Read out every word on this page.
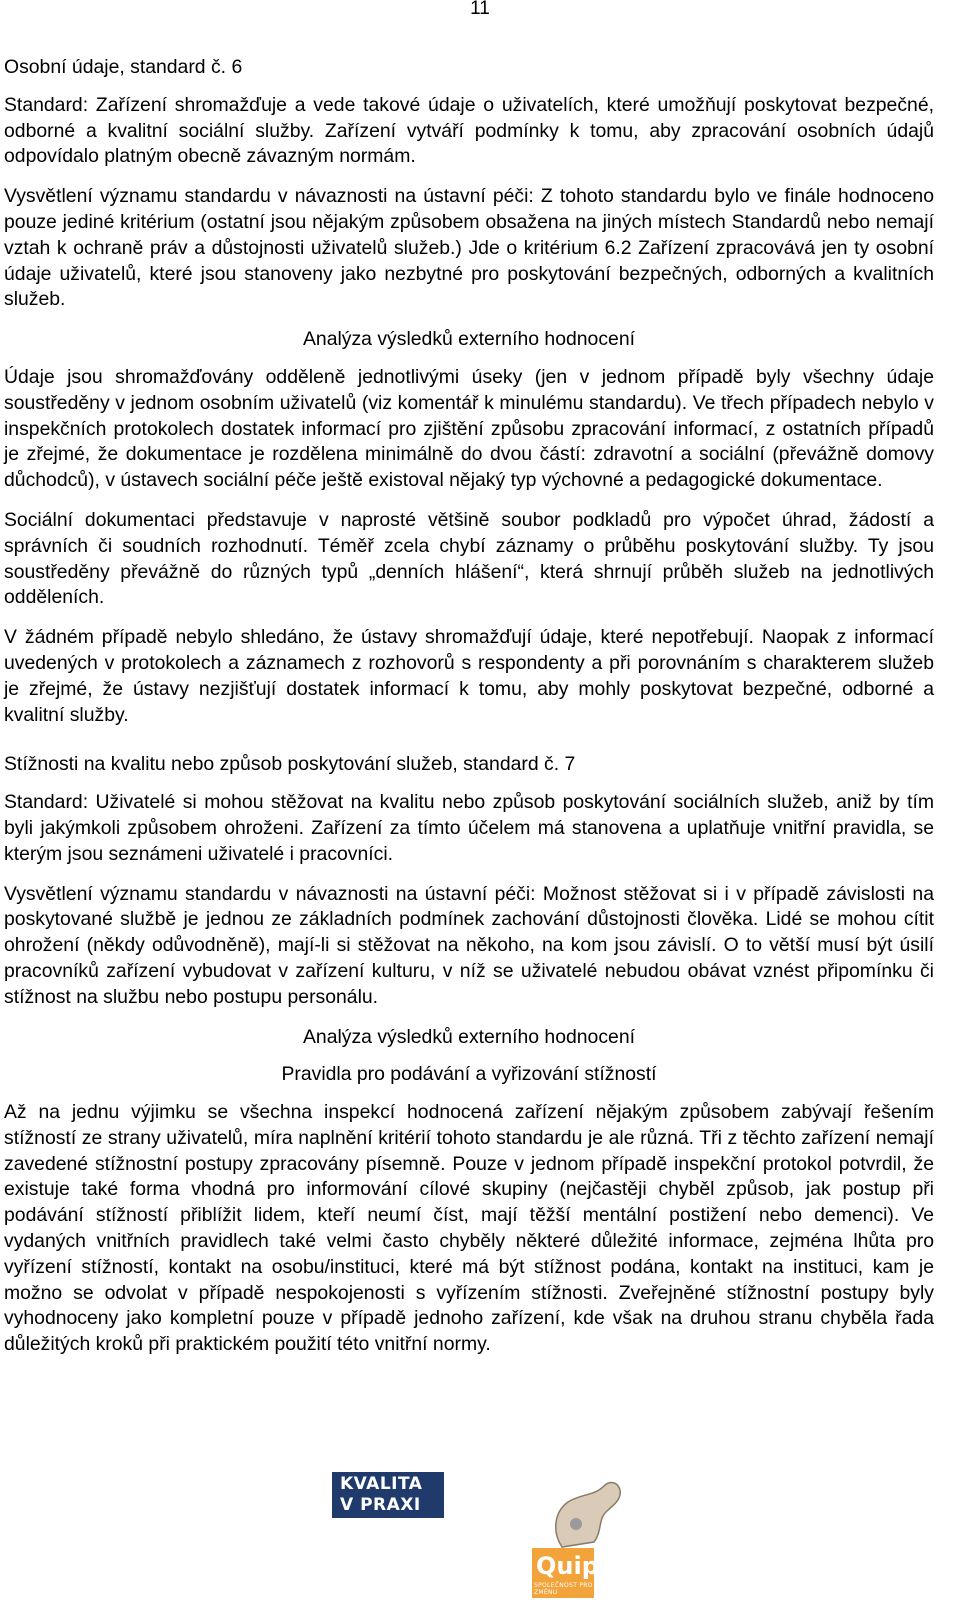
11

Osobní údaje, standard č. 6

Standard: Zařízení shromažďuje a vede takové údaje o uživatelích, které umožňují poskytovat bezpečné, odborné a kvalitní sociální služby. Zařízení vytváří podmínky k tomu, aby zpracování osobních údajů odpovídalo platným obecně závazným normám.

Vysvětlení významu standardu v návaznosti na ústavní péči: Z tohoto standardu bylo ve finále hodnoceno pouze jediné kritérium (ostatní jsou nějakým způsobem obsažena na jiných místech Standardů nebo nemají vztah k ochraně práv a důstojnosti uživatelů služeb.) Jde o kritérium 6.2 Zařízení zpracovává jen ty osobní údaje uživatelů, které jsou stanoveny jako nezbytné pro poskytování bezpečných, odborných a kvalitních služeb.

Analýza výsledků externího hodnocení

Údaje jsou shromažďovány odděleně jednotlivými úseky (jen v jednom případě byly všechny údaje soustředěny v jednom osobním uživatelů (viz komentář k minulému standardu). Ve třech případech nebylo v inspekčních protokolech dostatek informací pro zjištění způsobu zpracování informací, z ostatních případů je zřejmé, že dokumentace je rozdělena minimálně do dvou částí: zdravotní a sociální (převážně domovy důchodců), v ústavech sociální péče ještě existoval nějaký typ výchovné a pedagogické dokumentace.

Sociální dokumentaci představuje v naprosté většině soubor podkladů pro výpočet úhrad, žádostí a správních či soudních rozhodnutí. Téměř zcela chybí záznamy o průběhu poskytování služby. Ty jsou soustředěny převážně do různých typů „denních hlášení“, která shrnují průběh služeb na jednotlivých odděleních.

V žádném případě nebylo shledáno, že ústavy shromažďují údaje, které nepotřebují. Naopak z informací uvedených v protokolech a záznamech z rozhovorů s respondenty a při porovnáním s charakterem služeb je zřejmé, že ústavy nezjišťují dostatek informací k tomu, aby mohly poskytovat bezpečné, odborné a kvalitní služby.

Stížnosti na kvalitu nebo způsob poskytování služeb, standard č. 7

Standard: Uživatelé si mohou stěžovat na kvalitu nebo způsob poskytování sociálních služeb, aniž by tím byli jakýmkoli způsobem ohroženi. Zařízení za tímto účelem má stanovena a uplatňuje vnitřní pravidla, se kterým jsou seznámeni uživatelé i pracovníci.

Vysvětlení významu standardu v návaznosti na ústavní péči: Možnost stěžovat si i v případě závislosti na poskytované službě je jednou ze základních podmínek zachování důstojnosti člověka. Lidé se mohou cítit ohrožení (někdy odůvodněně), mají-li si stěžovat na někoho, na kom jsou závislí. O to větší musí být úsilí pracovníků zařízení vybudovat v zařízení kulturu, v níž se uživatelé nebudou obávat vznést připomínku či stížnost na službu nebo postupu personálu.

Analýza výsledků externího hodnocení

Pravidla pro podávání a vyřizování stížností

Až na jednu výjimku se všechna inspekcí hodnocená zařízení nějakým způsobem zabývají řešením stížností ze strany uživatelů, míra naplnění kritérií tohoto standardu je ale různá. Tři z těchto zařízení nemají zavedené stížnostní postupy zpracovány písemně. Pouze v jednom případě inspekční protokol potvrdil, že existuje také forma vhodná pro informování cílové skupiny (nejčastěji chyběl způsob, jak postup při podávání stížností přiblížit lidem, kteří neumí číst, mají těžší mentální postižení nebo demenci). Ve vydaných vnitřních pravidlech také velmi často chyběly některé důležité informace, zejména lhůta pro vyřízení stížností, kontakt na osobu/instituci, které má být stížnost podána, kontakt na instituci, kam je možno se odvolat v případě nespokojenosti s vyřízením stížnosti. Zveřejněné stížnostní postupy byly vyhodnoceny jako kompletní pouze v případě jednoho zařízení, kde však na druhou stranu chyběla řada důležitých kroků při praktickém použití této vnitřní normy.

KVALITA
V PRAXI
Quip
SPOLEČNOST PRO ZMĚNU
